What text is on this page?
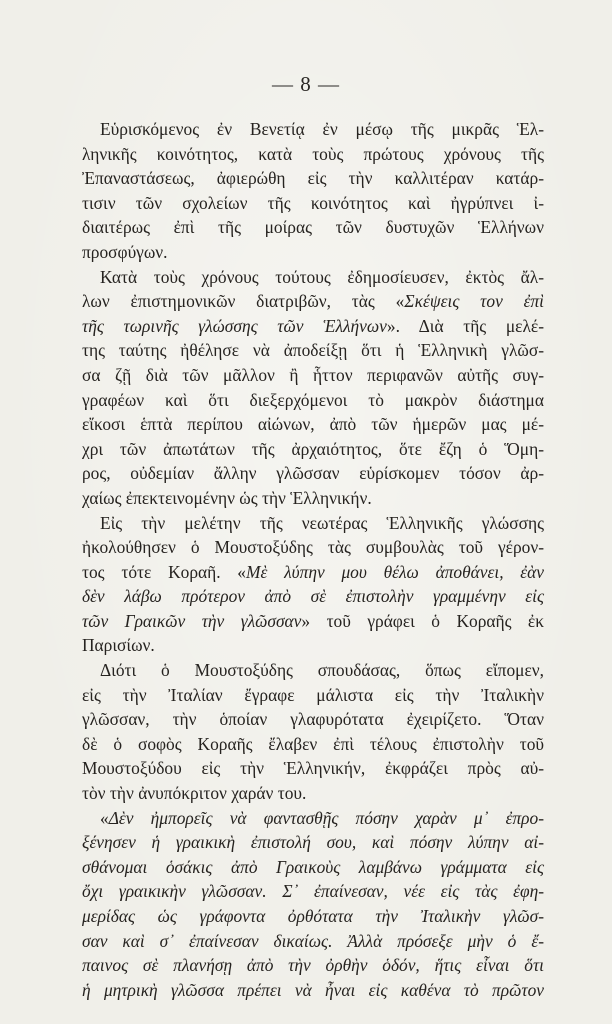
— 8 —
Εὑρισκόμενος ἐν Βενετίᾳ ἐν μέσῳ τῆς μικρᾶς Ἑλ-
ληνικῆς κοινότητος, κατὰ τοὺς πρώτους χρόνους τῆς
Ἐπαναστάσεως, ἀφιερώθη εἰς τὴν καλλιτέραν κατάρ-
τισιν τῶν σχολείων τῆς κοινότητος καὶ ἠγρύπνει ἰ-
διαιτέρως ἐπὶ τῆς μοίρας τῶν δυστυχῶν Ἑλλήνων
προσφύγων.
Κατὰ τοὺς χρόνους τούτους ἐδημοσίευσεν, ἐκτὸς ἄλ-
λων ἐπιστημονικῶν διατριβῶν, τὰς «Σκέψεις τον ἐπὶ
τῆς τωρινῆς γλώσσης τῶν Ἑλλήνων». Διὰ τῆς μελέ-
της ταύτης ἠθέλησε νὰ ἀποδείξῃ ὅτι ἡ Ἑλληνικὴ γλῶσ-
σα ζῇ διὰ τῶν μᾶλλον ἢ ἧττον περιφανῶν αὐτῆς συγ-
γραφέων καὶ ὅτι διεξερχόμενοι τὸ μακρὸν διάστημα
εἴκοσι ἑπτὰ περίπου αἰώνων, ἀπὸ τῶν ἡμερῶν μας μέ-
χρι τῶν ἀπωτάτων τῆς ἀρχαιότητος, ὅτε ἔζη ὁ Ὅμη-
ρος, οὐδεμίαν ἄλλην γλῶσσαν εὑρίσκομεν τόσον ἀρ-
χαίως ἐπεκτεινομένην ὡς τὴν Ἑλληνικήν.
Εἰς τὴν μελέτην τῆς νεωτέρας Ἑλληνικῆς γλώσσης
ἠκολούθησεν ὁ Μουστοξύδης τὰς συμβουλὰς τοῦ γέρον-
τος τότε Κοραῆ. «Μὲ λύπην μου θέλω ἀποθάνει, ἐὰν
δὲν λάβω πρότερον ἀπὸ σὲ ἐπιστολὴν γραμμένην εἰς
τῶν Γραικῶν τὴν γλῶσσαν» τοῦ γράφει ὁ Κοραῆς ἐκ
Παρισίων.
Διότι ὁ Μουστοξύδης σπουδάσας, ὅπως εἴπομεν,
εἰς τὴν Ἰταλίαν ἔγραφε μάλιστα εἰς τὴν Ἰταλικὴν
γλῶσσαν, τὴν ὁποίαν γλαφυρότατα ἐχειρίζετο. Ὅταν
δὲ ὁ σοφὸς Κοραῆς ἔλαβεν ἐπὶ τέλους ἐπιστολὴν τοῦ
Μουστοξύδου εἰς τὴν Ἑλληνικήν, ἐκφράζει πρὸς αὐ-
τὸν τὴν ἀνυπόκριτον χαράν του.
«Δὲν ἠμπορεῖς νὰ φαντασθῇς πόσην χαρὰν μ᾽ ἐπρο-
ξένησεν ἡ γραικικὴ ἐπιστολή σου, καὶ πόσην λύπην αἰ-
σθάνομαι ὁσάκις ἀπὸ Γραικοὺς λαμβάνω γράμματα εἰς
ὄχι γραικικὴν γλῶσσαν. Σ᾽ ἐπαίνεσαν, νέε εἰς τὰς ἐφη-
μερίδας ὡς γράφοντα ὀρθότατα τὴν Ἰταλικὴν γλῶσ-
σαν καὶ σ᾽ ἐπαίνεσαν δικαίως. Ἀλλὰ πρόσεξε μὴν ὁ ἔ-
παινος σὲ πλανήσῃ ἀπὸ τὴν ὀρθὴν ὁδόν, ἥτις εἶναι ὅτι
ἡ μητρικὴ γλῶσσα πρέπει νὰ ἦναι εἰς καθένα τὸ πρῶτον
